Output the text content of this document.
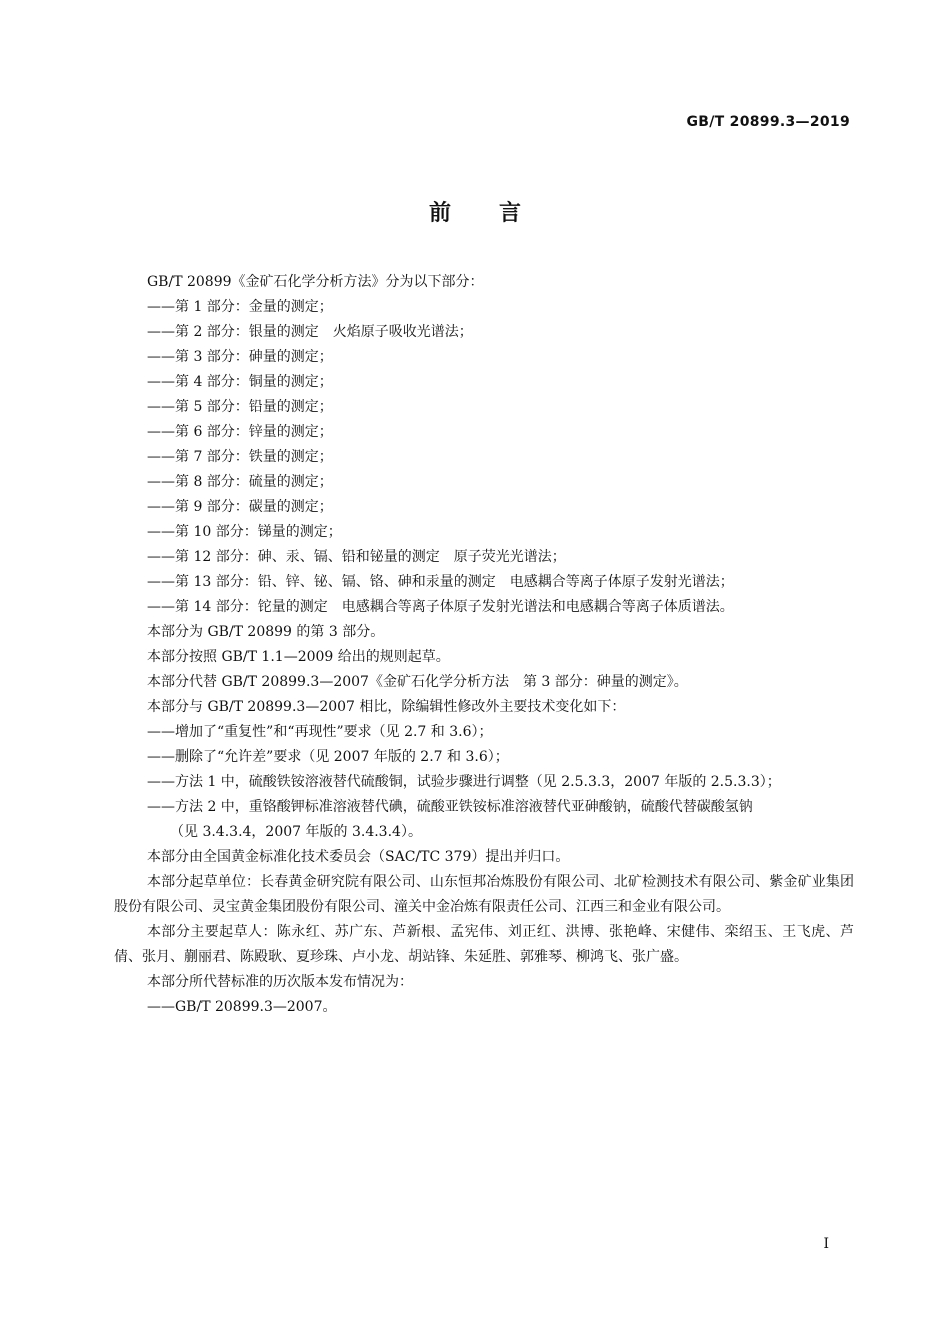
GB/T 20899.3—2019
前言

GB/T 20899《金矿石化学分析方法》分为以下部分：

——第 1 部分：金量的测定；

——第 2 部分：银量的测定　火焰原子吸收光谱法；

——第 3 部分：砷量的测定；

——第 4 部分：铜量的测定；

——第 5 部分：铅量的测定；

——第 6 部分：锌量的测定；

——第 7 部分：铁量的测定；

——第 8 部分：硫量的测定；

——第 9 部分：碳量的测定；

——第 10 部分：锑量的测定；

——第 12 部分：砷、汞、镉、铅和铋量的测定　原子荧光光谱法；

——第 13 部分：铅、锌、铋、镉、铬、砷和汞量的测定　电感耦合等离子体原子发射光谱法；

——第 14 部分：铊量的测定　电感耦合等离子体原子发射光谱法和电感耦合等离子体质谱法。

本部分为 GB/T 20899 的第 3 部分。

本部分按照 GB/T 1.1—2009 给出的规则起草。

本部分代替 GB/T 20899.3—2007《金矿石化学分析方法　第 3 部分：砷量的测定》。

本部分与 GB/T 20899.3—2007 相比，除编辑性修改外主要技术变化如下：

——增加了“重复性”和“再现性”要求（见 2.7 和 3.6）；

——删除了“允许差”要求（见 2007 年版的 2.7 和 3.6）；

——方法 1 中，硫酸铁铵溶液替代硫酸铜，试验步骤进行调整（见 2.5.3.3，2007 年版的 2.5.3.3）；

——方法 2 中，重铬酸钾标准溶液替代碘，硫酸亚铁铵标准溶液替代亚砷酸钠，硫酸代替碳酸氢钠

（见 3.4.3.4，2007 年版的 3.4.3.4）。

本部分由全国黄金标准化技术委员会（SAC/TC 379）提出并归口。

本部分起草单位：长春黄金研究院有限公司、山东恒邦冶炼股份有限公司、北矿检测技术有限公司、紫金矿业集团股份有限公司、灵宝黄金集团股份有限公司、潼关中金冶炼有限责任公司、江西三和金业有限公司。

本部分主要起草人：陈永红、苏广东、芦新根、孟宪伟、刘正红、洪博、张艳峰、宋健伟、栾绍玉、王飞虎、芦倩、张月、蒯丽君、陈殿耿、夏珍珠、卢小龙、胡站锋、朱延胜、郭雅琴、柳鸿飞、张广盛。

本部分所代替标准的历次版本发布情况为：

——GB/T 20899.3—2007。

I
